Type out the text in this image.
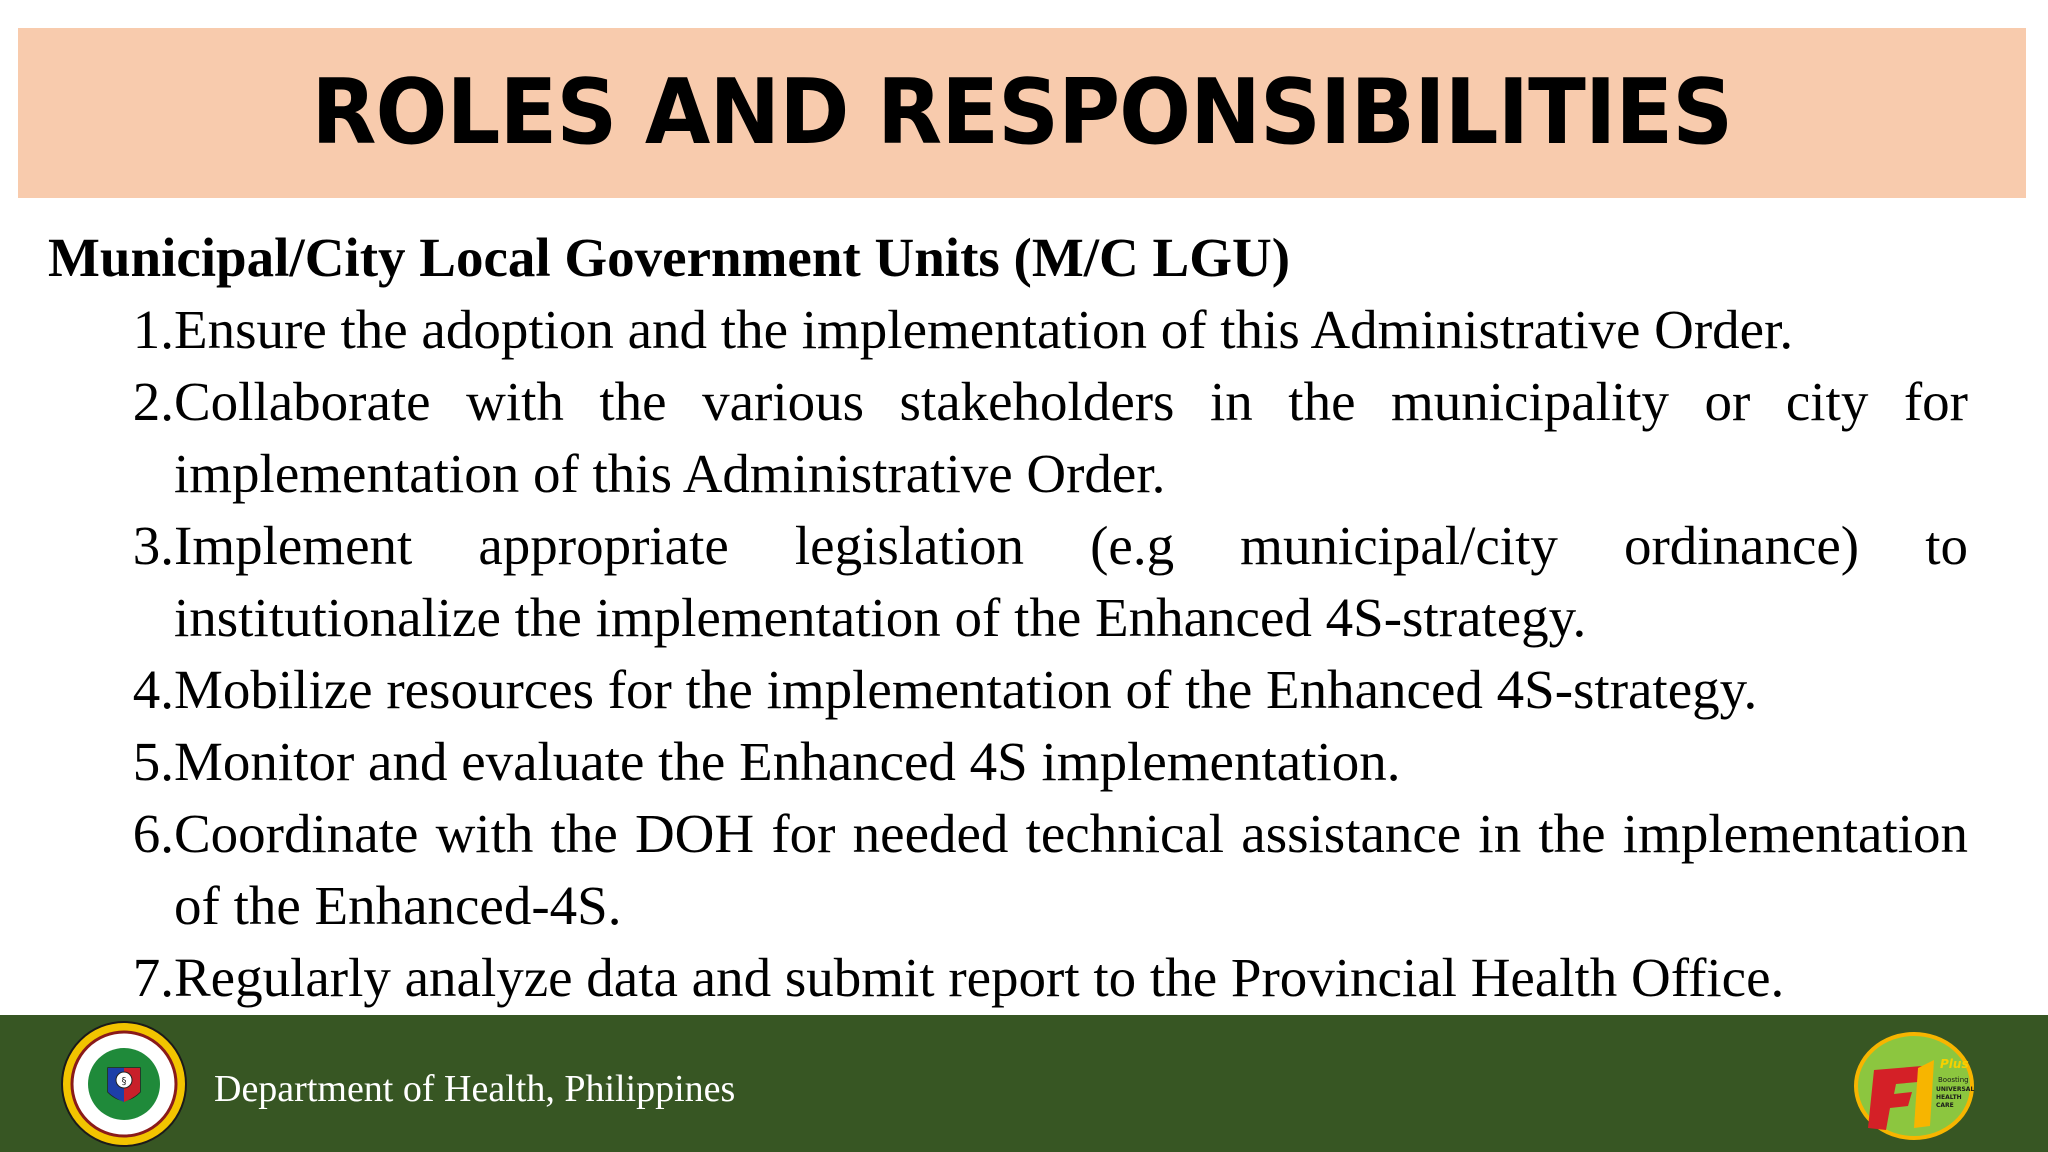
ROLES AND RESPONSIBILITIES
Municipal/City Local Government Units (M/C LGU)
1. Ensure the adoption and the implementation of this Administrative Order.
2. Collaborate with the various stakeholders in the municipality or city for implementation of this Administrative Order.
3. Implement appropriate legislation (e.g municipal/city ordinance) to institutionalize the implementation of the Enhanced 4S-strategy.
4. Mobilize resources for the implementation of the Enhanced 4S-strategy.
5. Monitor and evaluate the Enhanced 4S implementation.
6. Coordinate with the DOH for needed technical assistance in the implementation of the Enhanced-4S.
7. Regularly analyze data and submit report to the Provincial Health Office.
§ Department of Health, Philippines
Plus
Boosting
UNIVERSAL
HEALTH
CARE
